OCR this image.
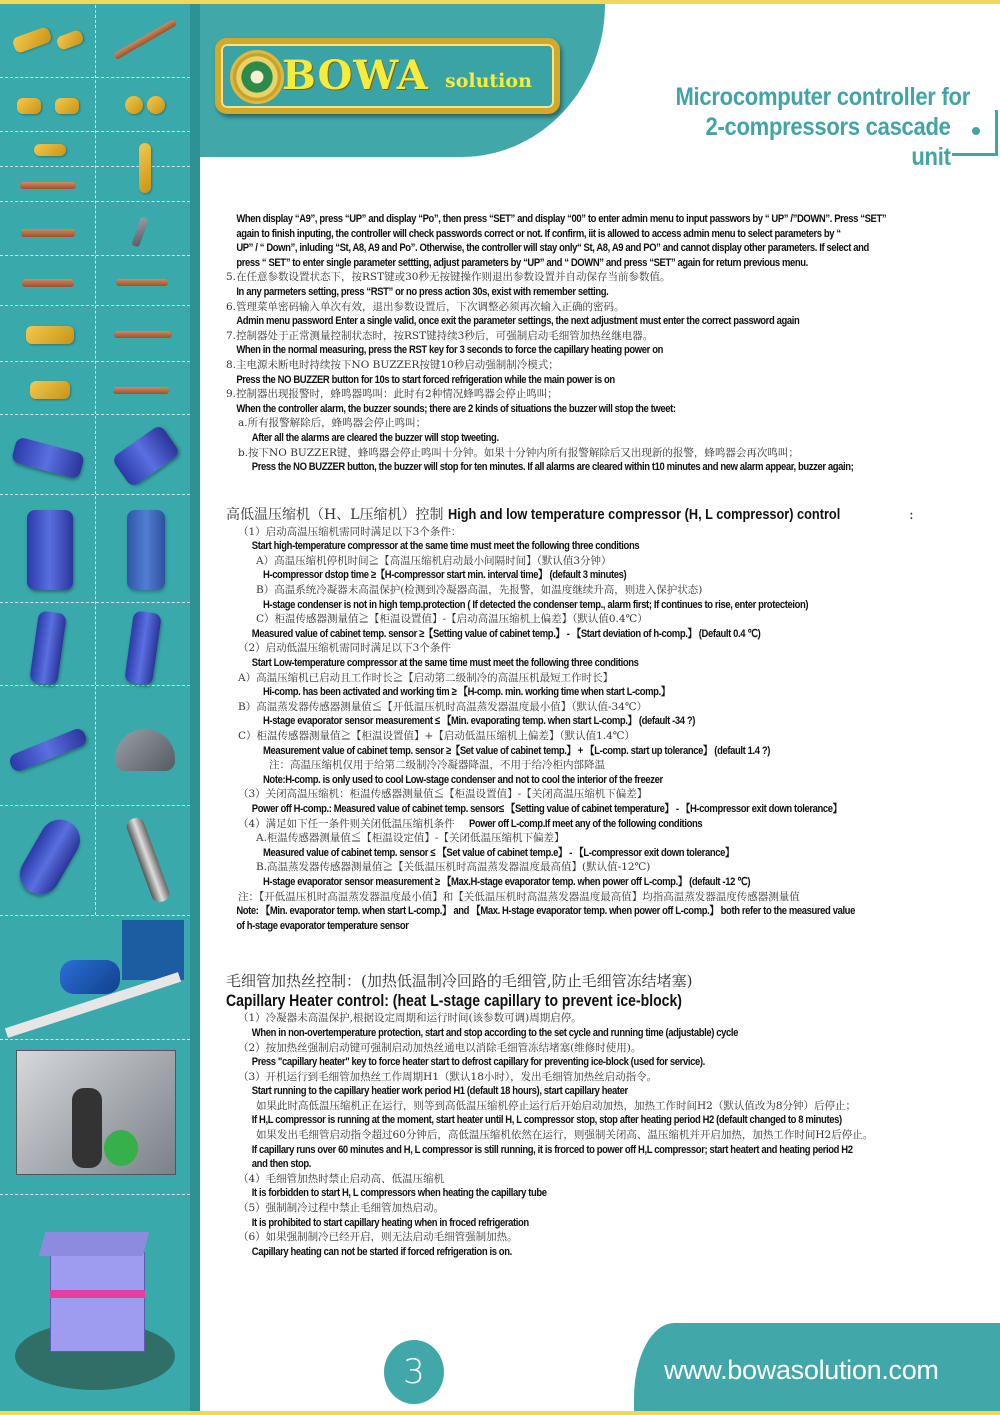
BOWA solution
Microcomputer controller for
2-compressors cascade unit
When display “A9”, press “UP” and display “Po”, then press “SET” and display “00” to enter admin menu to input passwors by “ UP” /”DOWN”. Press “SET”
again to finish inputing, the controller will check passwords correct or not. If confirm, iit is allowed to access admin menu to select parameters by “
UP” / “ Down”, inluding “St, A8, A9 and Po”. Otherwise, the controller will stay only“ St, A8, A9 and PO” and cannot display other parameters. If select and
press “ SET” to enter single parameter settting, adjust parameters by “UP” and “ DOWN” and press “SET” again for return previous menu.
5.在任意参数设置状态下，按RST键或30秒无按键操作则退出参数设置并自动保存当前参数值。
In any parmeters setting, press “RST” or no press action 30s, exist with remember setting.
6.管理菜单密码输入单次有效，退出参数设置后，下次调整必须再次输入正确的密码。
Admin menu password Enter a single valid, once exit the parameter settings, the next adjustment must enter the correct password again
7.控制器处于正常测量控制状态时，按RST键持续3秒后，可强制启动毛细管加热丝继电器。
When in the normal measuring, press the RST key for 3 seconds to force the capillary heating power on
8.主电源未断电时持续按下NO BUZZER按键10秒启动强制制冷模式；
Press the NO BUZZER button for 10s to start forced refrigeration while the main power is on
9.控制器出现报警时，蜂鸣器鸣叫：此时有2种情况蜂鸣器会停止鸣叫；
When the controller alarm, the buzzer sounds; there are 2 kinds of situations the buzzer will stop the tweet:
a.所有报警解除后，蜂鸣器会停止鸣叫；
After all the alarms are cleared the buzzer will stop tweeting.
b.按下NO BUZZER键，蜂鸣器会停止鸣叫十分钟。如果十分钟内所有报警解除后又出现新的报警，蜂鸣器会再次鸣叫；
Press the NO BUZZER button, the buzzer will stop for ten minutes. If all alarms are cleared within t10 minutes and new alarm appear, buzzer again;
高低温压缩机（H、L压缩机）控制 High and low temperature compressor (H, L compressor) control	:
（1）启动高温压缩机需同时满足以下3个条件：
Start high-temperature compressor at the same time must meet the following three conditions
A）高温压缩机停机时间≧【高温压缩机启动最小间隔时间】（默认值3分钟）
H-compressor dstop time ≥【H-compressor start min. interval time】 (default 3 minutes)
B）高温系统冷凝器未高温保护(检测到冷凝器高温，先报警，如温度继续升高，则进入保护状态)
H-stage condenser is not in high temp.protection ( If detected the condenser temp., alarm first; If continues to rise, enter protecteion)
C）柜温传感器测量值≧【柜温设置值】-【启动高温压缩机上偏差】（默认值0.4℃）
Measured value of cabinet temp. sensor ≥【Setting value of cabinet temp.】 - 【Start deviation of h-comp.】 (Default 0.4 ℃)
（2）启动低温压缩机需同时满足以下3个条件
Start Low-temperature compressor at the same time must meet the following three conditions
A）高温压缩机已启动且工作时长≧【启动第二级制冷的高温压机最短工作时长】
Hi-comp. has been activated and working tim ≥ 【H-comp. min. working time when start L-comp.】
B）高温蒸发器传感器测量值≦【开低温压机时高温蒸发器温度最小值】（默认值-34℃）
H-stage evaporator sensor measurement ≤ 【Min. evaporating temp. when start L-comp.】 (default -34 ?)
C）柜温传感器测量值≧【柜温设置值】+【启动低温压缩机上偏差】（默认值1.4℃）
Measurement value of cabinet temp. sensor ≥【Set value of cabinet temp.】 + 【L-comp. start up tolerance】 (default 1.4 ?)
注：高温压缩机仅用于给第二级制冷冷凝器降温，不用于给冷柜内部降温
Note:H-comp. is only used to cool Low-stage condenser and not to cool the interior of the freezer
（3）关闭高温压缩机：柜温传感器测量值≦【柜温设置值】-【关闭高温压缩机下偏差】
Power off H-comp.: Measured value of cabinet temp. sensor≤ 【Setting value of cabinet temperature】 - 【H-compressor exit down tolerance】
（4）满足如下任一条件则关闭低温压缩机条件 Power off L-comp.If meet any of the following conditions
A.柜温传感器测量值≦【柜温设定值】-【关闭低温压缩机下偏差】
Measured value of cabinet temp. sensor ≤ 【Set value of cabinet temp.e】 - 【L-compressor exit down tolerance】
B.高温蒸发器传感器测量值≧【关低温压机时高温蒸发器温度最高值】(默认值-12℃)
H-stage evaporator sensor measurement ≥ 【Max.H-stage evaporator temp. when power off L-comp.】 (default -12 ℃)
注：【开低温压机时高温蒸发器温度最小值】和【关低温压机时高温蒸发器温度最高值】均指高温蒸发器温度传感器测量值
Note: 【Min. evaporator temp. when start L-comp.】 and 【Max. H-stage evaporator temp. when power off L-comp.】 both refer to the measured value
of h-stage evaporator temperature sensor
毛细管加热丝控制：(加热低温制冷回路的毛细管,防止毛细管冻结堵塞)
Capillary Heater control: (heat L-stage capillary to prevent ice-block)
（1）冷凝器未高温保护,根据设定周期和运行时间(该参数可调)周期启停。
When in non-overtemperature protection, start and stop according to the set cycle and running time (adjustable) cycle
（2）按加热丝强制启动键可强制启动加热丝通电以消除毛细管冻结堵塞(维修时使用)。
Press "capillary heater" key to force heater start to defrost capillary for preventing ice-block (used for service).
（3）开机运行到毛细管加热丝工作周期H1（默认18小时），发出毛细管加热丝启动指令。
Start running to the capillary heatier work period H1 (default 18 hours), start capillary heater
如果此时高低温压缩机正在运行，则等到高低温压缩机停止运行后开始启动加热，加热工作时间H2（默认值改为8分钟）后停止；
If H,L compressor is running at the moment, start heater until H, L compressor stop, stop after heating period H2 (default changed to 8 minutes)
如果发出毛细管启动指令超过60分钟后，高低温压缩机依然在运行，则强制关闭高、温压缩机并开启加热，加热工作时间H2后停止。
If capillary runs over 60 minutes and H, L compressor is still running, it is frorced to power off H,L compressor; start heatert and heating period H2
and then stop.
（4）毛细管加热时禁止启动高、低温压缩机
It is forbidden to start H, L compressors when heating the capillary tube
（5）强制制冷过程中禁止毛细管加热启动。
It is prohibited to start capillary heating when in froced refrigeration
（6）如果强制制冷已经开启，则无法启动毛细管强制加热。
Capillary heating can not be started if forced refrigeration is on.
3	www.bowasolution.com
